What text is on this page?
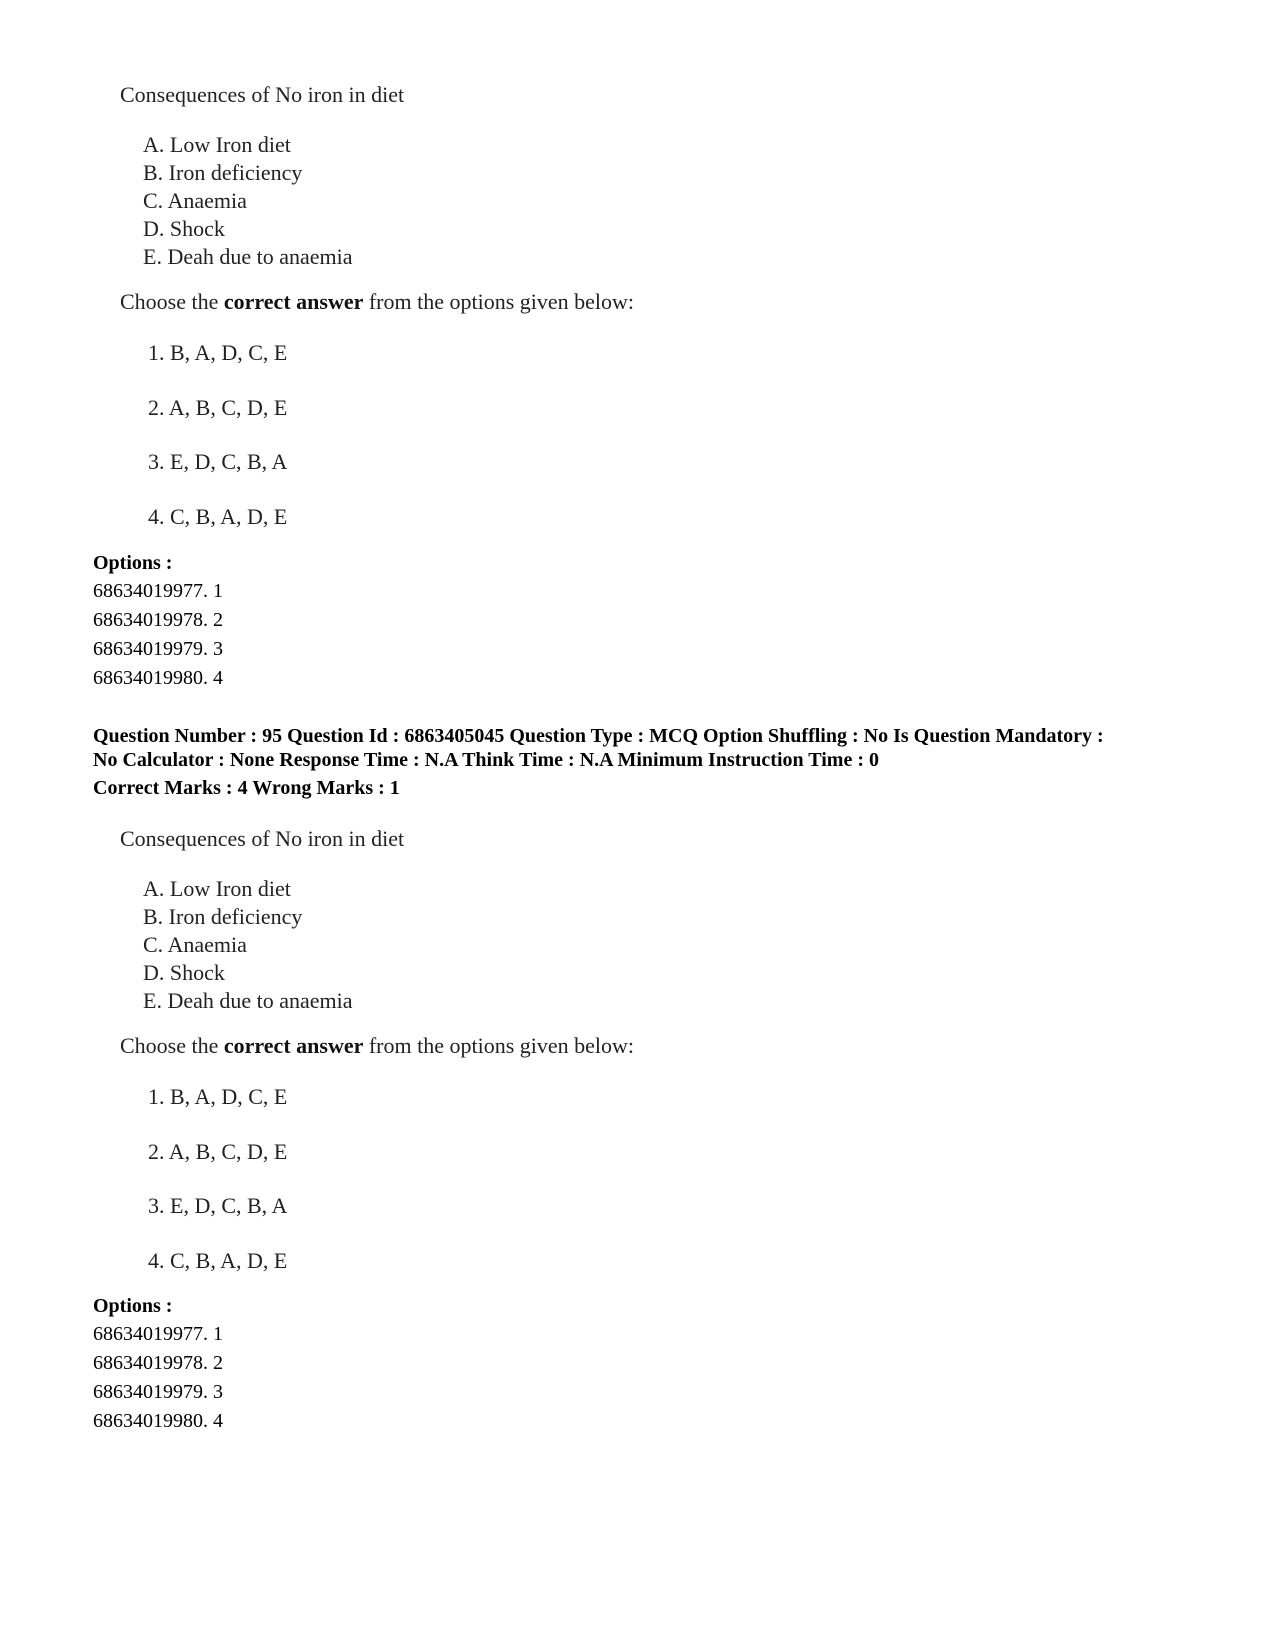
Consequences of No iron in diet
A. Low Iron diet
B. Iron deficiency
C. Anaemia
D. Shock
E. Deah due to anaemia
Choose the correct answer from the options given below:
1. B, A, D, C, E
2. A, B, C, D, E
3. E, D, C, B, A
4. C, B, A, D, E
Options :
68634019977. 1
68634019978. 2
68634019979. 3
68634019980. 4
Question Number : 95 Question Id : 6863405045 Question Type : MCQ Option Shuffling : No Is Question Mandatory :
No Calculator : None Response Time : N.A Think Time : N.A Minimum Instruction Time : 0
Correct Marks : 4 Wrong Marks : 1
Consequences of No iron in diet
A. Low Iron diet
B. Iron deficiency
C. Anaemia
D. Shock
E. Deah due to anaemia
Choose the correct answer from the options given below:
1. B, A, D, C, E
2. A, B, C, D, E
3. E, D, C, B, A
4. C, B, A, D, E
Options :
68634019977. 1
68634019978. 2
68634019979. 3
68634019980. 4
